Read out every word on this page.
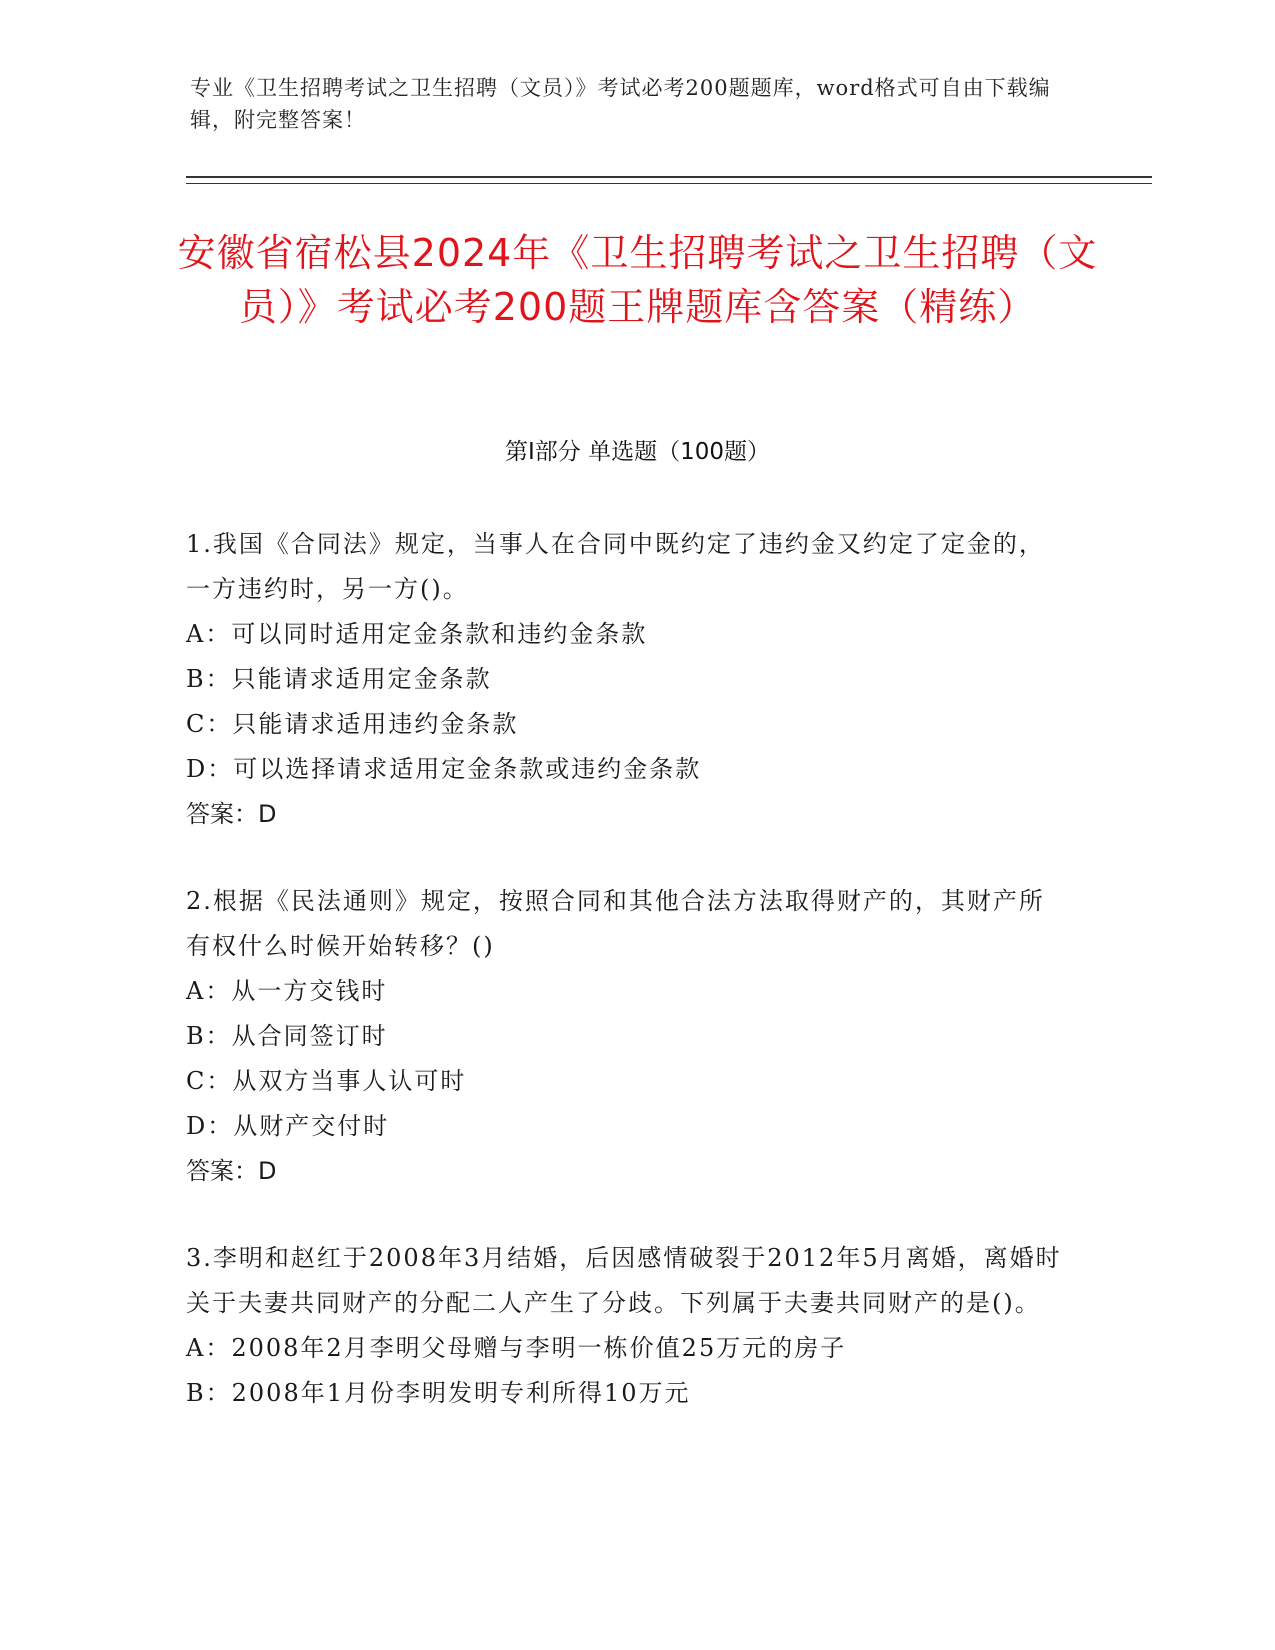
专业《卫生招聘考试之卫生招聘（文员）》考试必考200题题库，word格式可自由下载编辑，附完整答案！
安徽省宿松县2024年《卫生招聘考试之卫生招聘（文员）》考试必考200题王牌题库含答案（精练）
第I部分 单选题（100题）

1.我国《合同法》规定，当事人在合同中既约定了违约金又约定了定金的，一方违约时，另一方()。

A：可以同时适用定金条款和违约金条款

B：只能请求适用定金条款

C：只能请求适用违约金条款

D：可以选择请求适用定金条款或违约金条款

答案：D

2.根据《民法通则》规定，按照合同和其他合法方法取得财产的，其财产所有权什么时候开始转移？()

A：从一方交钱时

B：从合同签订时

C：从双方当事人认可时

D：从财产交付时

答案：D

3.李明和赵红于2008年3月结婚，后因感情破裂于2012年5月离婚，离婚时关于夫妻共同财产的分配二人产生了分歧。下列属于夫妻共同财产的是()。

A：2008年2月李明父母赠与李明一栋价值25万元的房子

B：2008年1月份李明发明专利所得10万元
